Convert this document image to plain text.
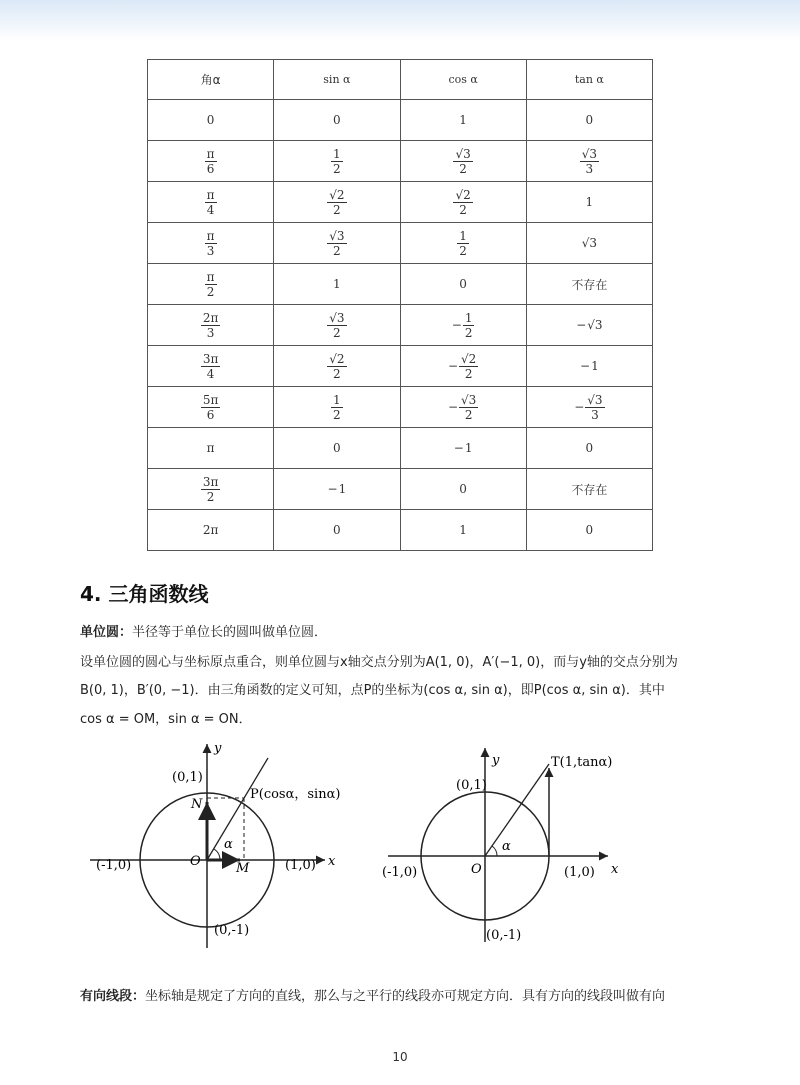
角α	sin α	cos α	tan α

0	0	1	0

$\frac{\pi}{6}$	$\frac{1}{2}$	$\frac{√3}{2}$	$\frac{√3}{3}$

$\frac{\pi}{4}$	$\frac{√2}{2}$	$\frac{√2}{2}$	1

$\frac{\pi}{3}$	$\frac{√3}{2}$	$\frac{1}{2}$	√3

$\frac{\pi}{2}$	1	0	不存在

$\frac{2\pi}{3}$	$\frac{√3}{2}$	− $\frac{1}{2}$	− √3

$\frac{3\pi}{4}$	$\frac{√2}{2}$	− $\frac{√2}{2}$	− 1

$\frac{5\pi}{6}$	$\frac{1}{2}$	− $\frac{√3}{2}$	− $\frac{√3}{3}$

π	0	− 1	0

$\frac{3\pi}{2}$	− 1	0	不存在

2π	0	1	0
4. 三角函数线

单位圆：半径等于单位长的圆叫做单位圆．

设单位圆的圆心与坐标原点重合，则单位圆与x轴交点分别为A(1, 0)，A′(−1, 0)，而与y轴的交点分别为

B(0, 1)，B′(0, −1)．由三角函数的定义可知，点P的坐标为(cos α, sin α)，即P(cos α, sin α)．其中

cos α = OM，sin α = ON．

y
x
O
(0,1)
(0,-1)
(-1,0)	(1,0)
P(cosα，sinα)
N
M
α
y
x
O
(0,1)
(0,-1)
(-1,0)	(1,0)
T(1,tanα)
α

有向线段：坐标轴是规定了方向的直线，那么与之平行的线段亦可规定方向．具有方向的线段叫做有向

10
